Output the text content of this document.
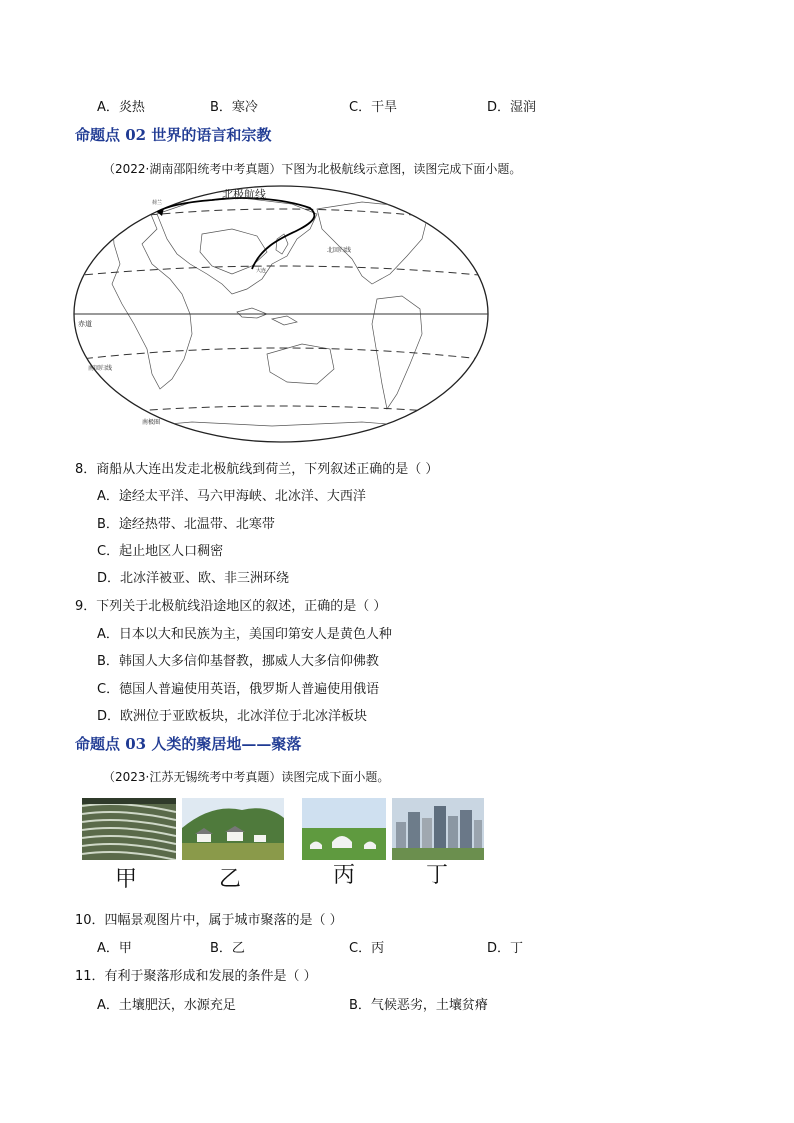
A．炎热	B．寒冷	C．干旱	D．湿润
命题点 02 世界的语言和宗教
（2022·湖南邵阳统考中考真题）下图为北极航线示意图，读图完成下面小题。
北极航线
荷兰
大连
北回归线
赤道
南回归线
南极圈
8．商船从大连出发走北极航线到荷兰，下列叙述正确的是（ ）
A．途经太平洋、马六甲海峡、北冰洋、大西洋
B．途经热带、北温带、北寒带
C．起止地区人口稠密
D．北冰洋被亚、欧、非三洲环绕
9．下列关于北极航线沿途地区的叙述，正确的是（ ）
A．日本以大和民族为主，美国印第安人是黄色人种
B．韩国人大多信仰基督教，挪威人大多信仰佛教
C．德国人普遍使用英语，俄罗斯人普遍使用俄语
D．欧洲位于亚欧板块，北冰洋位于北冰洋板块
命题点 03 人类的聚居地——聚落
（2023·江苏无锡统考中考真题）读图完成下面小题。
甲	乙	丙	丁
10．四幅景观图片中，属于城市聚落的是（ ）
A．甲	B．乙	C．丙	D．丁
11．有利于聚落形成和发展的条件是（ ）
A．土壤肥沃，水源充足	B．气候恶劣，土壤贫瘠
